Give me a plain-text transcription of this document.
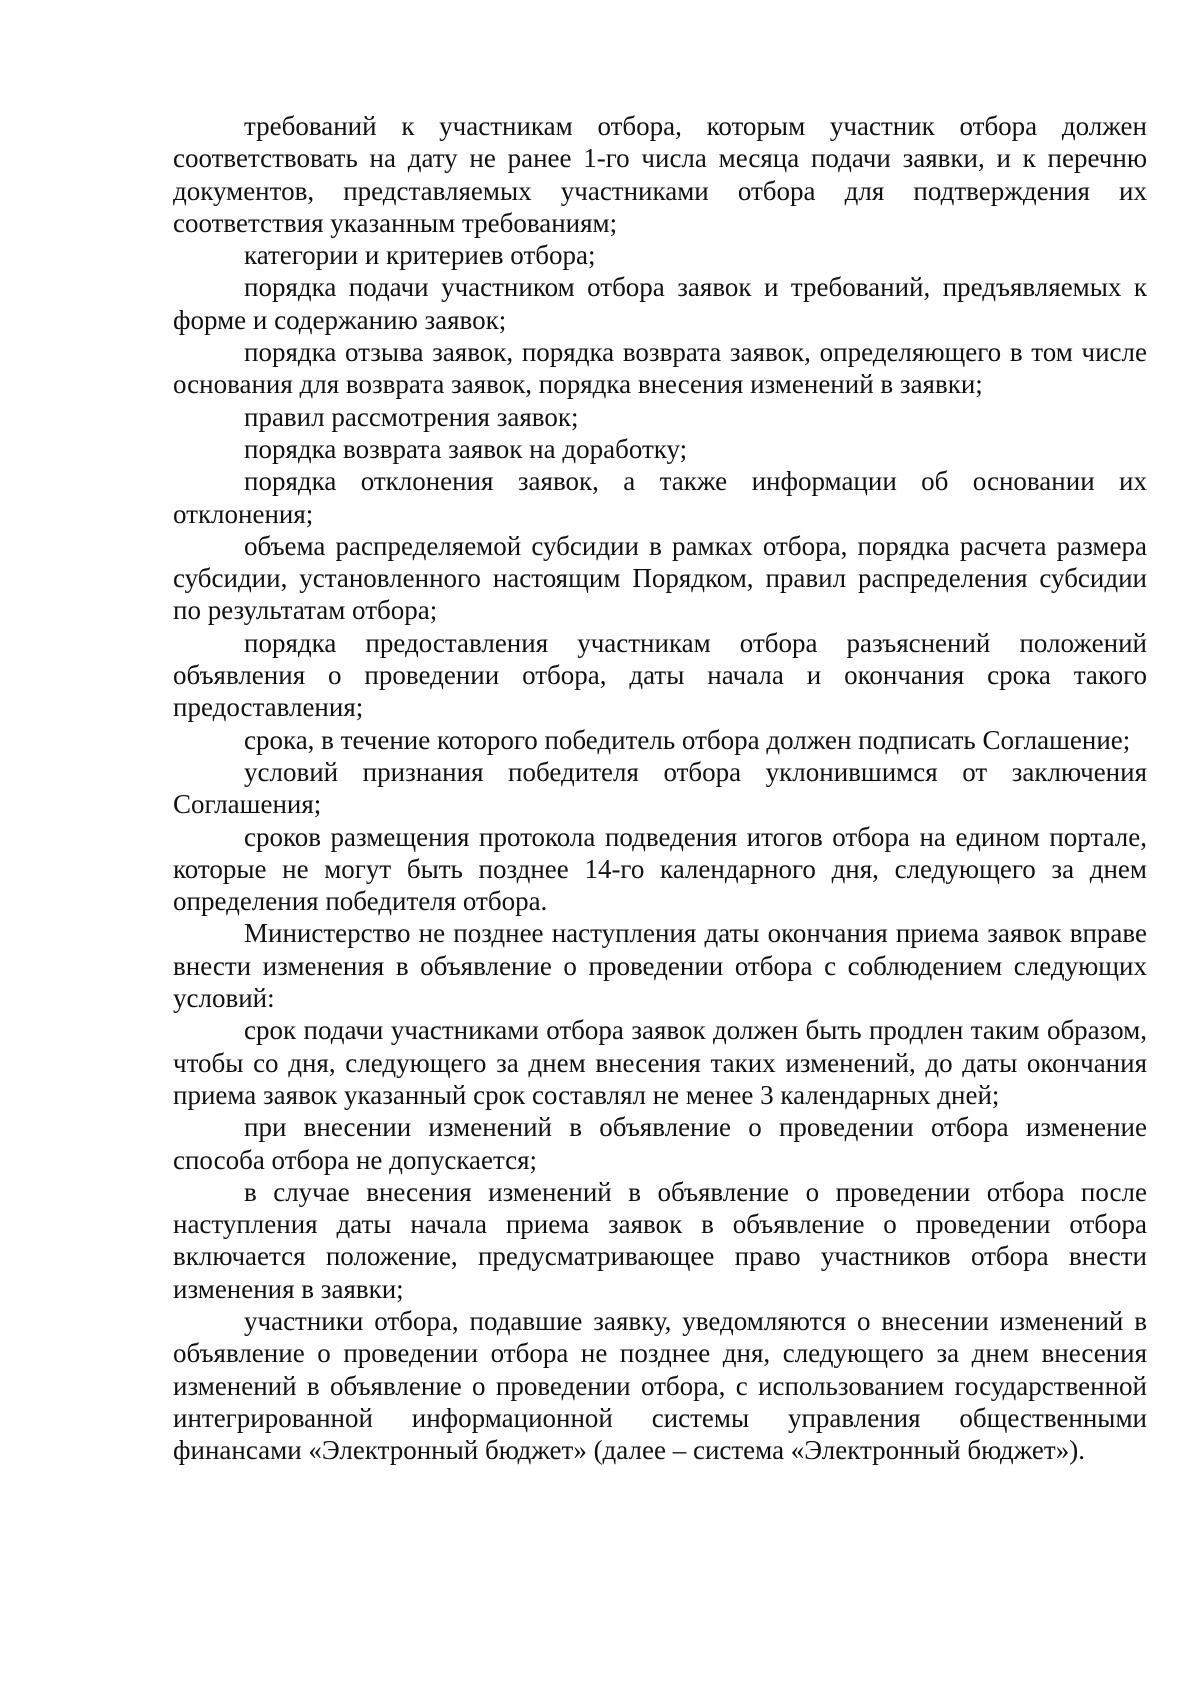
требований к участникам отбора, которым участник отбора должен соответствовать на дату не ранее 1-го числа месяца подачи заявки, и к перечню документов, представляемых участниками отбора для подтверждения их соответствия указанным требованиям;

категории и критериев отбора;

порядка подачи участником отбора заявок и требований, предъявляемых к форме и содержанию заявок;

порядка отзыва заявок, порядка возврата заявок, определяющего в том числе основания для возврата заявок, порядка внесения изменений в заявки;

правил рассмотрения заявок;

порядка возврата заявок на доработку;

порядка отклонения заявок, а также информации об основании их отклонения;

объема распределяемой субсидии в рамках отбора, порядка расчета размера субсидии, установленного настоящим Порядком, правил распределения субсидии по результатам отбора;

порядка предоставления участникам отбора разъяснений положений объявления о проведении отбора, даты начала и окончания срока такого предоставления;

срока, в течение которого победитель отбора должен подписать Соглашение;

условий признания победителя отбора уклонившимся от заключения Соглашения;

сроков размещения протокола подведения итогов отбора на едином портале, которые не могут быть позднее 14-го календарного дня, следующего за днем определения победителя отбора.

Министерство не позднее наступления даты окончания приема заявок вправе внести изменения в объявление о проведении отбора с соблюдением следующих условий:

срок подачи участниками отбора заявок должен быть продлен таким образом, чтобы со дня, следующего за днем внесения таких изменений, до даты окончания приема заявок указанный срок составлял не менее 3 календарных дней;

при внесении изменений в объявление о проведении отбора изменение способа отбора не допускается;

в случае внесения изменений в объявление о проведении отбора после наступления даты начала приема заявок в объявление о проведении отбора включается положение, предусматривающее право участников отбора внести изменения в заявки;

участники отбора, подавшие заявку, уведомляются о внесении изменений в объявление о проведении отбора не позднее дня, следующего за днем внесения изменений в объявление о проведении отбора, с использованием государственной интегрированной информационной системы управления общественными финансами «Электронный бюджет» (далее – система «Электронный бюджет»).
